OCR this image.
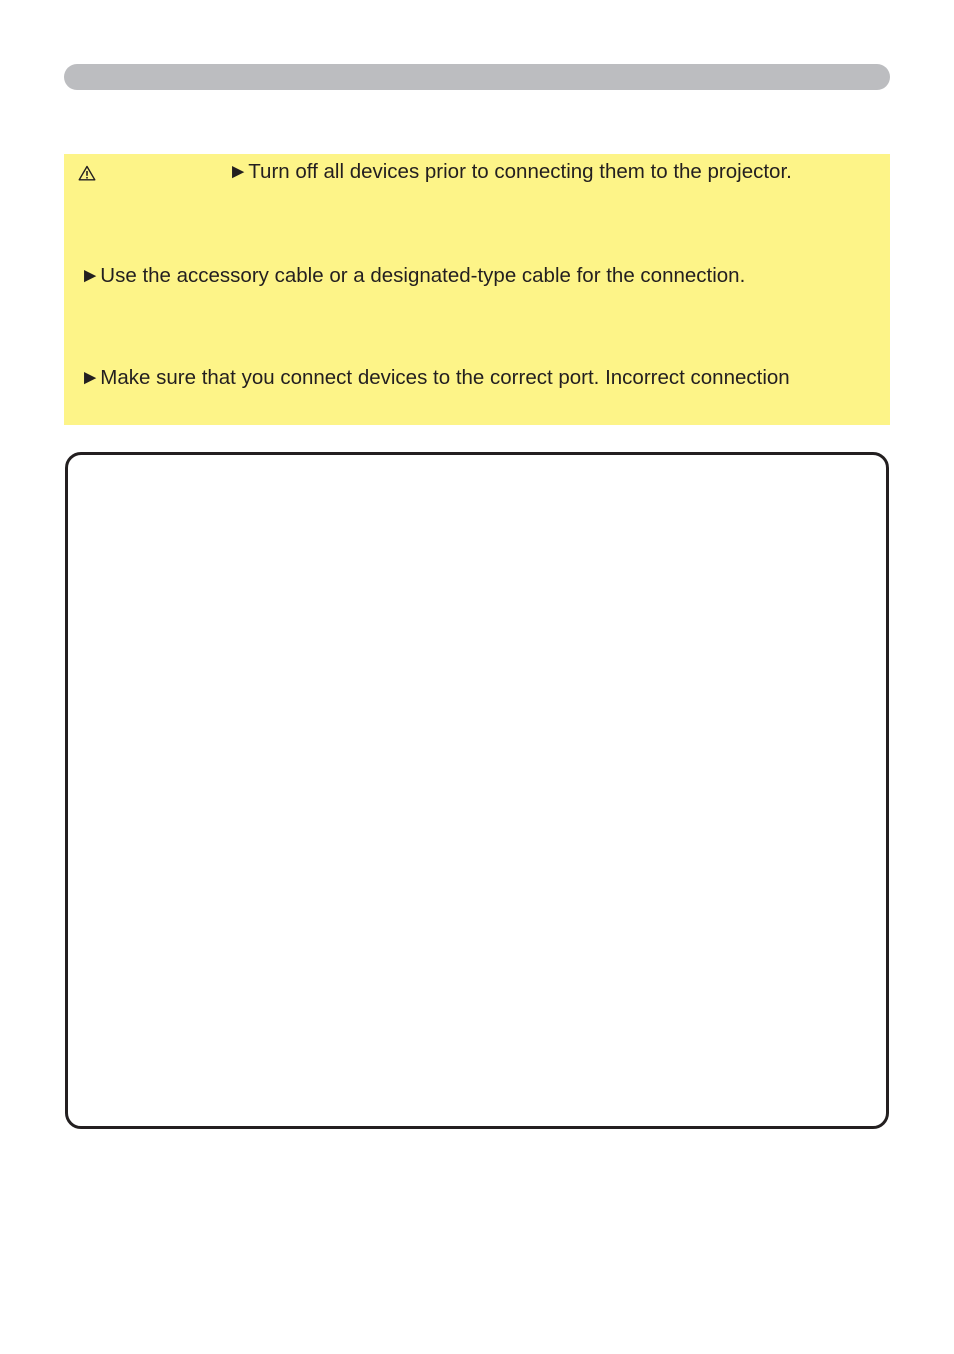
►Turn off all devices prior to connecting them to the projector.
►Use the accessory cable or a designated-type cable for the connection.
►Make sure that you connect devices to the correct port. Incorrect connection
